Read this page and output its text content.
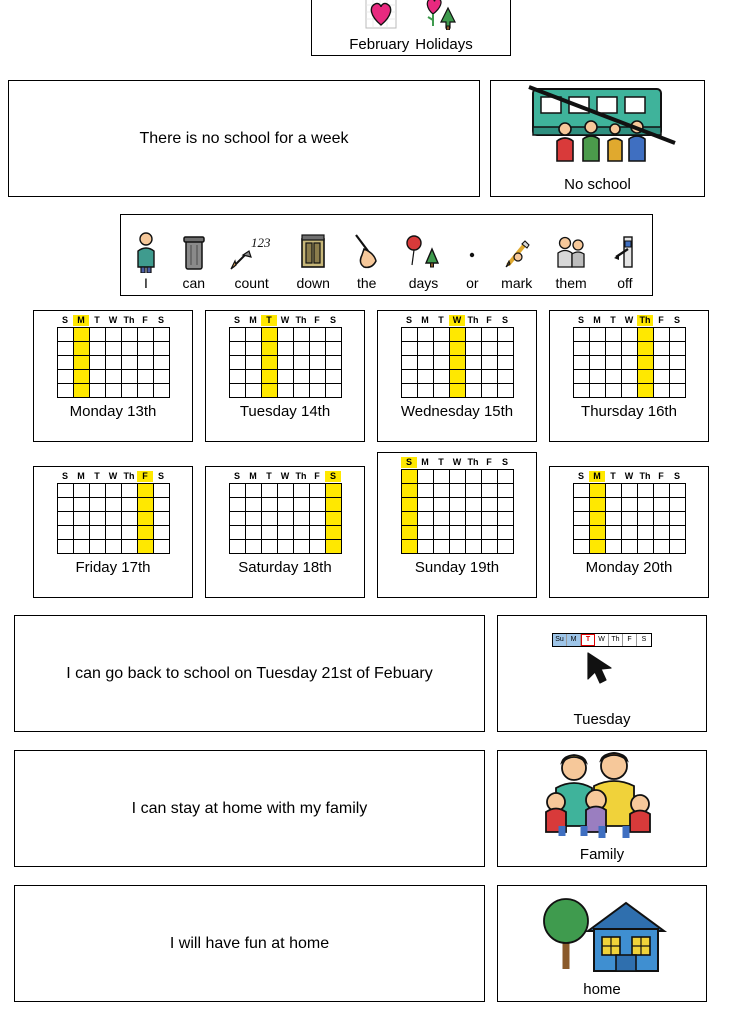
February Holidays
There is no school for a week
No school
I can
123
count down the days or mark them off
S	M	T	W Th F	S
Monday 13th
S	M	T	W Th F	S
Tuesday 14th
S	M	T	W Th F	S
Wednesday 15th
S	M	T	W Th F	S
Thursday 16th
S	M	T	W Th F	S
Friday 17th
S	M	T	W Th F	S
Saturday 18th
S	M	T	W Th F	S
Sunday 19th
S	M	T	W Th F	S
Monday 20th
I can go back to school on Tuesday 21st of Febuary
Su M	T	W Th	F	S
Tuesday
I can stay at home with my family
Family
I will have fun at home
home
